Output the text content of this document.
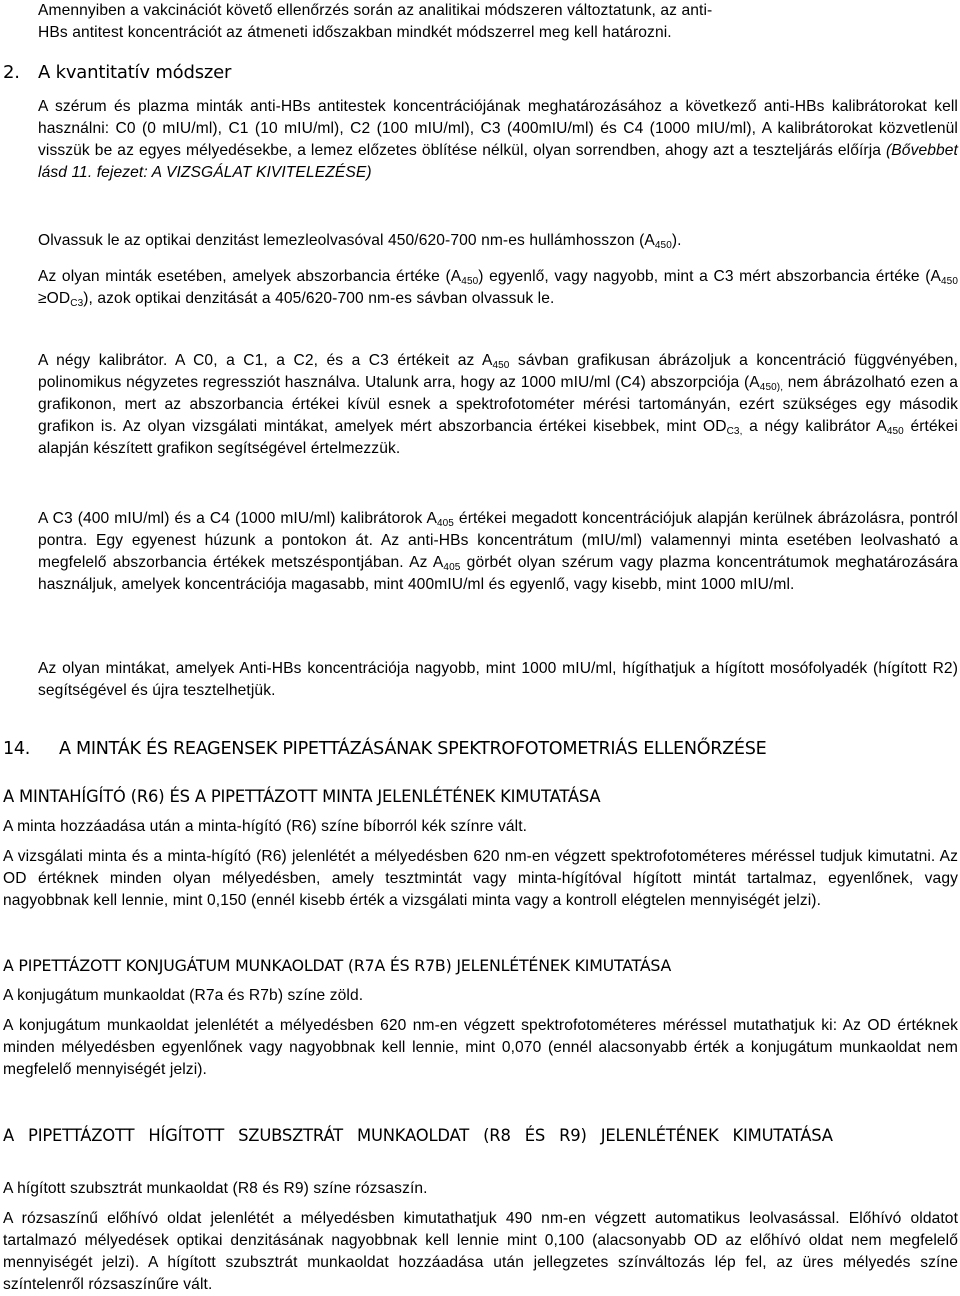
Amennyiben a vakcinációt követő ellenőrzés során az analitikai módszeren változtatunk, az anti-
HBs antitest koncentrációt az átmeneti időszakban mindkét módszerrel meg kell határozni.

2. A kvantitatív módszer

A szérum és plazma minták anti-HBs antitestek koncentrációjának meghatározásához a következő anti-HBs kalibrátorokat kell használni: C0 (0 mIU/ml), C1 (10 mIU/ml), C2 (100 mIU/ml), C3 (400mIU/ml) és C4 (1000 mIU/ml), A kalibrátorokat közvetlenül visszük be az egyes mélyedésekbe, a lemez előzetes öblítése nélkül, olyan sorrendben, ahogy azt a teszteljárás előírja (Bővebbet lásd 11. fejezet: A VIZSGÁLAT KIVITELEZÉSE)

Olvassuk le az optikai denzitást lemezleolvasóval 450/620-700 nm-es hullámhosszon $(A_{450})$.

Az olyan minták esetében, amelyek abszorbancia értéke $(A_{450})$ egyenlő, vagy nagyobb, mint a C3 mért abszorbancia értéke $(A_{450} \ge OD_{C3})$, azok optikai denzitását a 405/620-700 nm-es sávban olvassuk le.

A négy kalibrátor. A C0, a C1, a C2, és a C3 értékeit az $A_{450}$ sávban grafikusan ábrázoljuk a koncentráció függvényében, polinomikus négyzetes regressziót használva. Utalunk arra, hogy az 1000 mIU/ml (C4) abszorpciója ($A_{450),}$ nem ábrázolható ezen a grafikonon, mert az abszorbancia értékei kívül esnek a spektrofotométer mérési tartományán, ezért szükséges egy második grafikon is. Az olyan vizsgálati mintákat, amelyek mért abszorbancia értékei kisebbek, mint $OD_{C3,}$ a négy kalibrátor $A_{450}$ értékei alapján készített grafikon segítségével értelmezzük.

A C3 (400 mIU/ml) és a C4 (1000 mIU/ml) kalibrátorok $A_{405}$ értékei megadott koncentrációjuk alapján kerülnek ábrázolásra, pontról pontra. Egy egyenest húzunk a pontokon át. Az anti-HBs koncentrátum (mIU/ml) valamennyi minta esetében leolvasható a megfelelő abszorbancia értékek metszéspontjában. Az $A_{405}$ görbét olyan szérum vagy plazma koncentrátumok meghatározására használjuk, amelyek koncentrációja magasabb, mint 400mIU/ml és egyenlő, vagy kisebb, mint 1000 mIU/ml.

Az olyan mintákat, amelyek Anti-HBs koncentrációja nagyobb, mint 1000 mIU/ml, hígíthatjuk a hígított mosófolyadék (hígított R2) segítségével és újra tesztelhetjük.

14. A MINTÁK ÉS REAGENSEK PIPETTÁZÁSÁNAK SPEKTROFOTOMETRIÁS ELLENŐRZÉSE
A MINTAHÍGÍTÓ (R6) ÉS A PIPETTÁZOTT MINTA JELENLÉTÉNEK KIMUTATÁSA

A minta hozzáadása után a minta-hígító (R6) színe bíborról kék színre vált.

A vizsgálati minta és a minta-hígító (R6) jelenlétét a mélyedésben 620 nm-en végzett spektrofotométeres méréssel tudjuk kimutatni. Az OD értéknek minden olyan mélyedésben, amely tesztmintát vagy minta-hígítóval hígított mintát tartalmaz, egyenlőnek, vagy nagyobbnak kell lennie, mint 0,150 (ennél kisebb érték a vizsgálati minta vagy a kontroll elégtelen mennyiségét jelzi).

A PIPETTÁZOTT KONJUGÁTUM MUNKAOLDAT (R7A ÉS R7B) JELENLÉTÉNEK KIMUTATÁSA

A konjugátum munkaoldat (R7a és R7b) színe zöld.

A konjugátum munkaoldat jelenlétét a mélyedésben 620 nm-en végzett spektrofotométeres méréssel mutathatjuk ki: Az OD értéknek minden mélyedésben egyenlőnek vagy nagyobbnak kell lennie, mint 0,070 (ennél alacsonyabb érték a konjugátum munkaoldat nem megfelelő mennyiségét jelzi).

A PIPETTÁZOTT HÍGÍTOTT SZUBSZTRÁT MUNKAOLDAT (R8 ÉS R9) JELENLÉTÉNEK KIMUTATÁSA

A hígított szubsztrát munkaoldat (R8 és R9) színe rózsaszín.

A rózsaszínű előhívó oldat jelenlétét a mélyedésben kimutathatjuk 490 nm-en végzett automatikus leolvasással. Előhívó oldatot tartalmazó mélyedések optikai denzitásának nagyobbnak kell lennie mint 0,100 (alacsonyabb OD az előhívó oldat nem megfelelő mennyiségét jelzi). A hígított szubsztrát munkaoldat hozzáadása után jellegzetes színváltozás lép fel, az üres mélyedés színe színtelenről rózsaszínűre vált.
